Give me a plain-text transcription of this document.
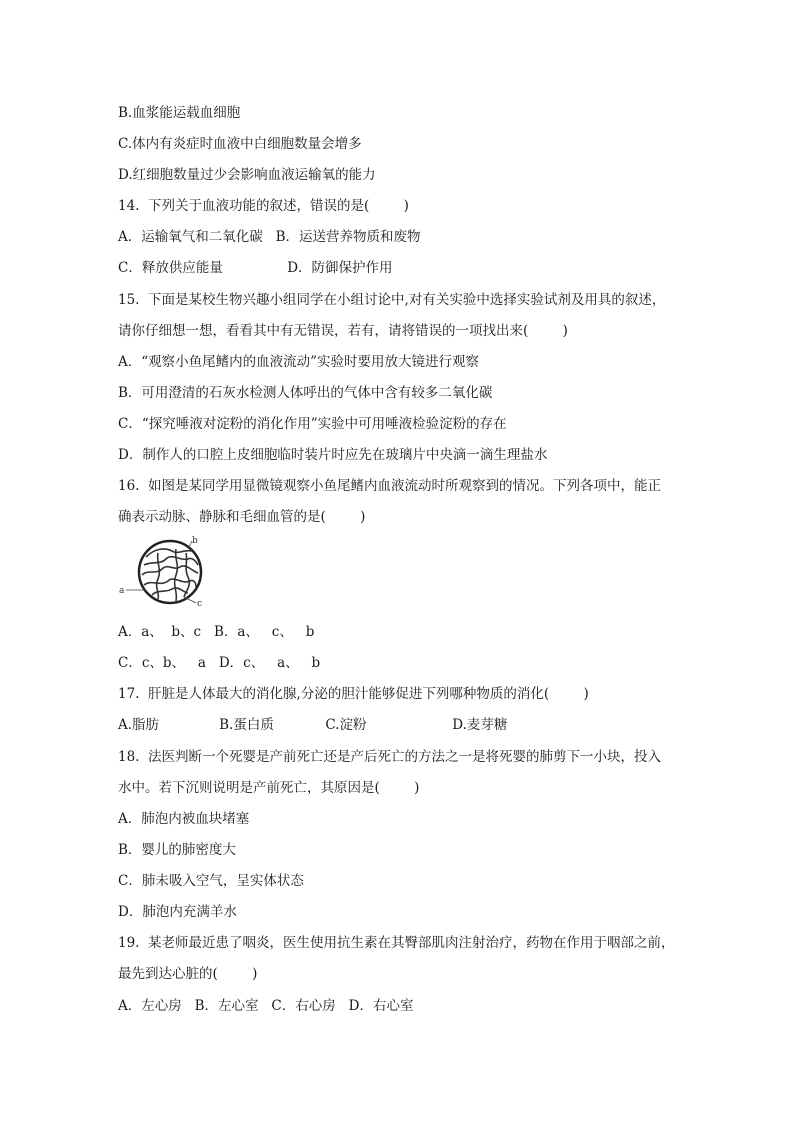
B.血浆能运载血细胞

C.体内有炎症时血液中白细胞数量会增多

D.红细胞数量过少会影响血液运输氧的能力

14.  下列关于血液功能的叙述，错误的是(        )

A．运输氧气和二氧化碳   B．运送营养物质和废物

C．释放供应能量               D．防御保护作用

15.  下面是某校生物兴趣小组同学在小组讨论中,对有关实验中选择实验试剂及用具的叙述，

请你仔细想一想，看看其中有无错误，若有，请将错误的一项找出来(        )

A．“观察小鱼尾鳍内的血液流动”实验时要用放大镜进行观察

B．可用澄清的石灰水检测人体呼出的气体中含有较多二氧化碳

C．“探究唾液对淀粉的消化作用”实验中可用唾液检验淀粉的存在

D．制作人的口腔上皮细胞临时装片时应先在玻璃片中央滴一滴生理盐水

16.  如图是某同学用显微镜观察小鱼尾鳍内血液流动时所观察到的情况。下列各项中，能正

确表示动脉、静脉和毛细血管的是(        )

b
a
c

A．a、  b、c   B．a、   c、   b

C．c、b、   a   D．c、   a、   b

17.  肝脏是人体最大的消化腺,分泌的胆汁能够促进下列哪种物质的消化(        )

A.脂肪              B.蛋白质            C.淀粉                    D.麦芽糖

18.  法医判断一个死婴是产前死亡还是产后死亡的方法之一是将死婴的肺剪下一小块，投入

水中。若下沉则说明是产前死亡，其原因是(        )

A．肺泡内被血块堵塞

B．婴儿的肺密度大

C．肺未吸入空气，呈实体状态

D．肺泡内充满羊水

19.  某老师最近患了咽炎，医生使用抗生素在其臀部肌肉注射治疗，药物在作用于咽部之前，

最先到达心脏的(        )

A．左心房   B．左心室   C．右心房   D．右心室
